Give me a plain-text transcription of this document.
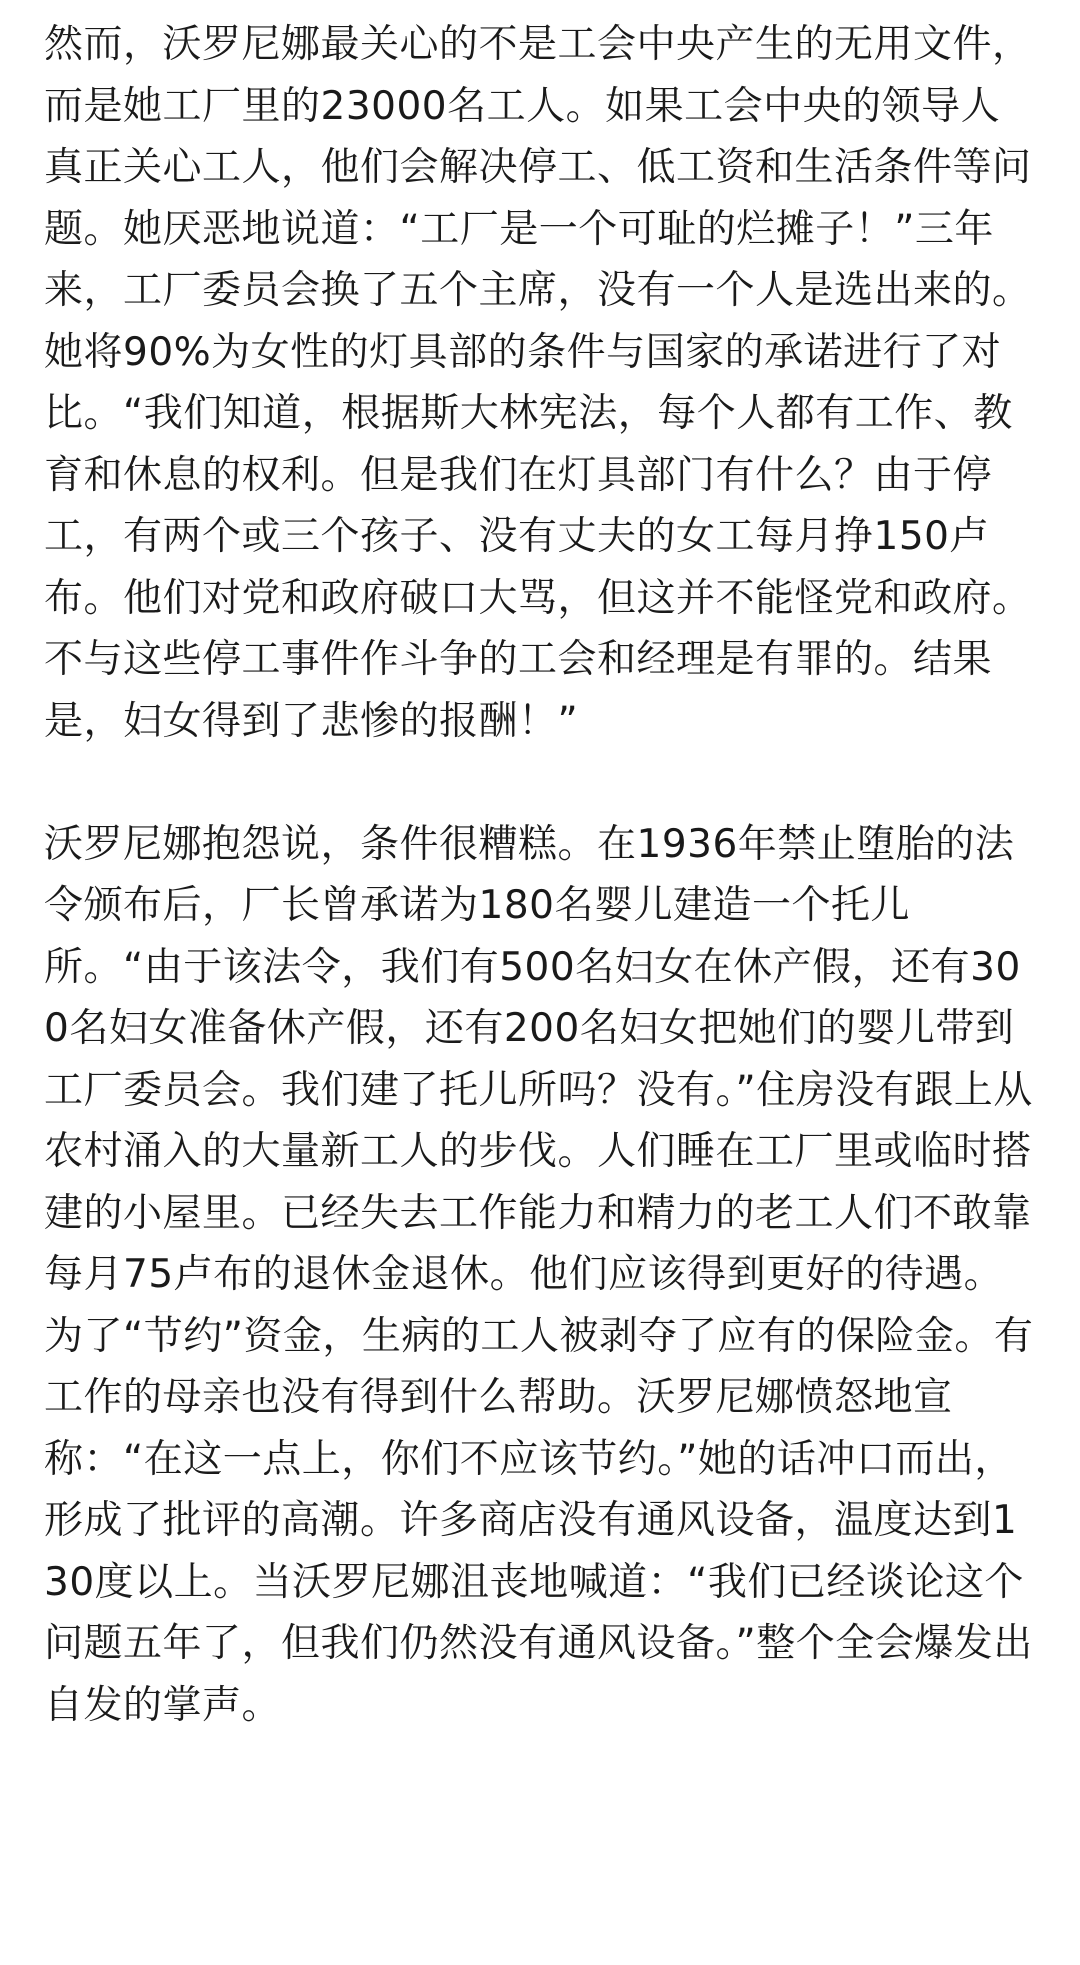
然而，沃罗尼娜最关心的不是工会中央产生的无用文件，而是她工厂里的23000名工人。如果工会中央的领导人真正关心工人，他们会解决停工、低工资和生活条件等问题。她厌恶地说道：“工厂是一个可耻的烂摊子！”三年来，工厂委员会换了五个主席，没有一个人是选出来的。她将90%为女性的灯具部的条件与国家的承诺进行了对比。“我们知道，根据斯大林宪法，每个人都有工作、教育和休息的权利。但是我们在灯具部门有什么？由于停工，有两个或三个孩子、没有丈夫的女工每月挣150卢布。他们对党和政府破口大骂，但这并不能怪党和政府。不与这些停工事件作斗争的工会和经理是有罪的。结果是，妇女得到了悲惨的报酬！”

沃罗尼娜抱怨说，条件很糟糕。在1936年禁止堕胎的法令颁布后，厂长曾承诺为180名婴儿建造一个托儿所。“由于该法令，我们有500名妇女在休产假，还有300名妇女准备休产假，还有200名妇女把她们的婴儿带到工厂委员会。我们建了托儿所吗？没有。”住房没有跟上从农村涌入的大量新工人的步伐。人们睡在工厂里或临时搭建的小屋里。已经失去工作能力和精力的老工人们不敢靠每月75卢布的退休金退休。他们应该得到更好的待遇。为了“节约”资金，生病的工人被剥夺了应有的保险金。有工作的母亲也没有得到什么帮助。沃罗尼娜愤怒地宣称：“在这一点上，你们不应该节约。”她的话冲口而出，形成了批评的高潮。许多商店没有通风设备，温度达到130度以上。当沃罗尼娜沮丧地喊道：“我们已经谈论这个问题五年了，但我们仍然没有通风设备。”整个全会爆发出自发的掌声。
